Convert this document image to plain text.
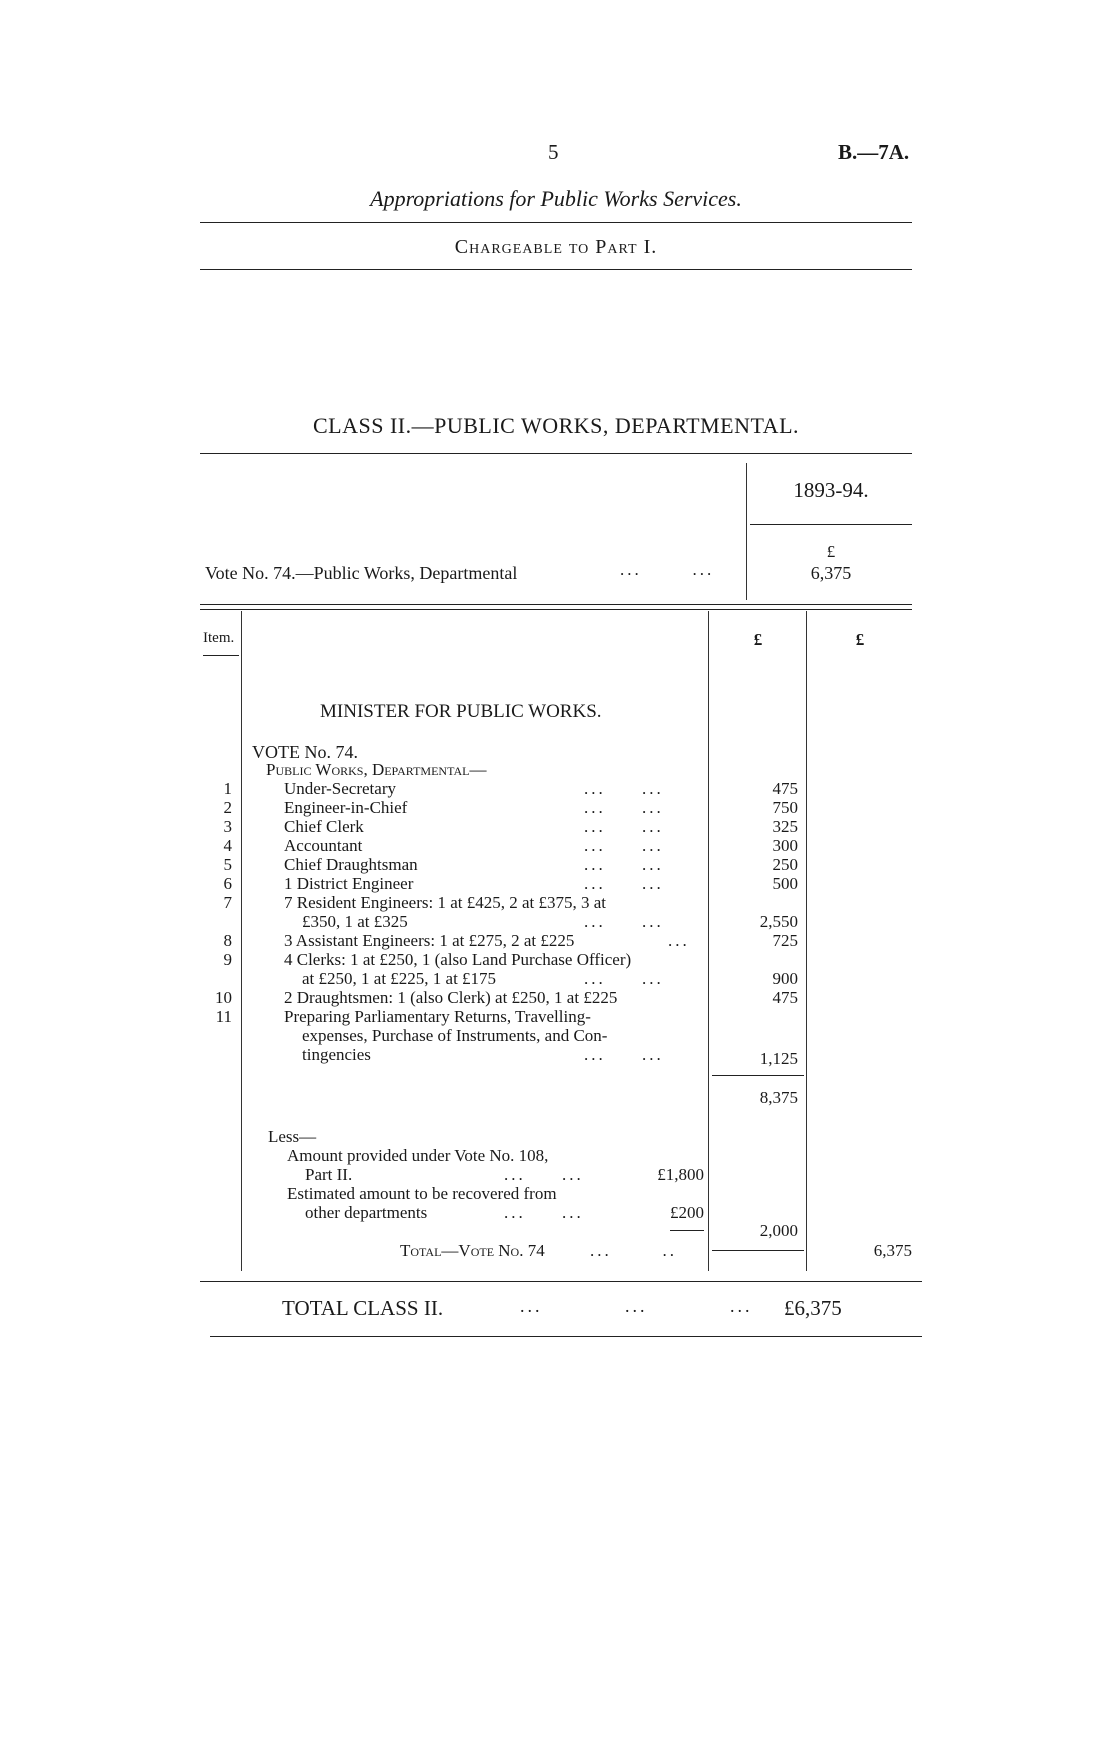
5	B.—7A.
Appropriations for Public Works Services.
Chargeable to Part I.
CLASS II.—PUBLIC WORKS, DEPARTMENTAL.
1893-94.
£
Vote No. 74.—Public Works, Departmental	...       ...	6,375
Item.	£	£
MINISTER FOR PUBLIC WORKS.
VOTE No. 74.
Public Works, Departmental—
1	Under-Secretary	...     ...	475
2	Engineer-in-Chief	...     ...	750
3	Chief Clerk	...     ...	325
4	Accountant	...     ...	300
5	Chief Draughtsman	...     ...	250
6	1 District Engineer	...     ...	500
7	7 Resident Engineers: 1 at £425, 2 at £375, 3 at
£350, 1 at £325	...     ...	2,550
8	3 Assistant Engineers: 1 at £275, 2 at £225	...	725
9	4 Clerks: 1 at £250, 1 (also Land Purchase Officer)
at £250, 1 at £225, 1 at £175	...     ...	900
10	2 Draughtsmen: 1 (also Clerk) at £250, 1 at £225	475
11	Preparing Parliamentary Returns, Travelling-
expenses, Purchase of Instruments, and Con-
tingencies	...     ...	1,125
8,375
Less—
Amount provided under Vote No. 108,
Part II.	...     ...	£1,800
Estimated amount to be recovered from
other departments	...     ...	£200
2,000
Total—Vote No. 74	...       ..	6,375
TOTAL CLASS II.	...           ...           ... £6,375
